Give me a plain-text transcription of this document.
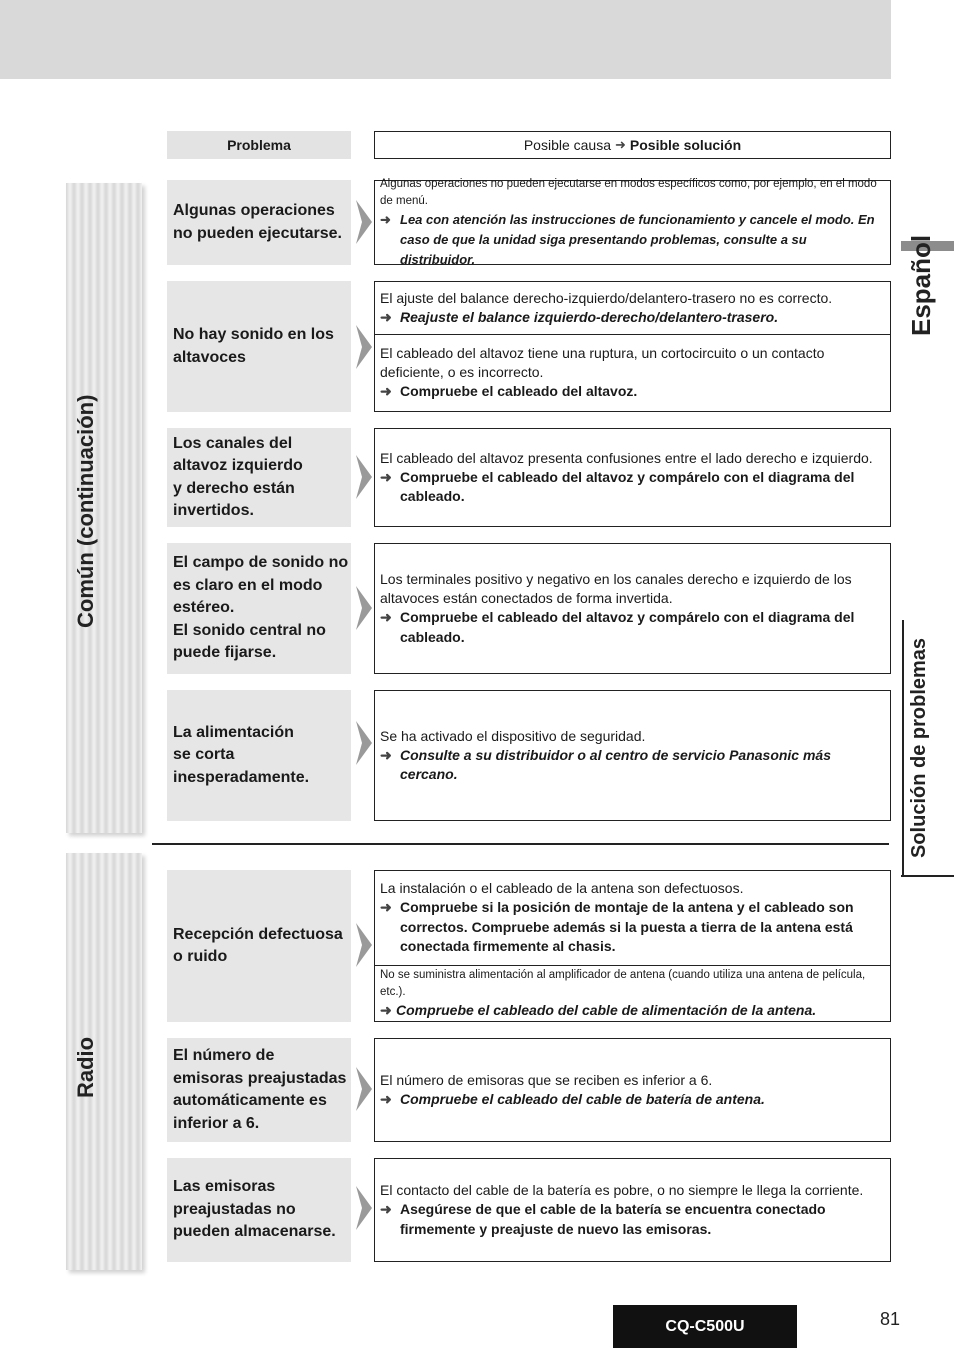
Problema	Posible causa ➜ Posible solución
Común (continuación)
Radio
Algunas operaciones
no pueden ejecutarse.
Algunas operaciones no pueden ejecutarse en modos específicos como, por ejemplo, en el modo de menú.
➜ Lea con atención las instrucciones de funcionamiento y cancele el modo. En caso de que la unidad siga presentando problemas, consulte a su distribuidor.
No hay sonido en los
altavoces
El ajuste del balance derecho-izquierdo/delantero-trasero no es correcto.
➜ Reajuste el balance izquierdo-derecho/delantero-trasero.
El cableado del altavoz tiene una ruptura, un cortocircuito o un contacto deficiente, o es incorrecto.
➜ Compruebe el cableado del altavoz.
Los canales del
altavoz izquierdo
y derecho están
invertidos.
El cableado del altavoz presenta confusiones entre el lado derecho e izquierdo.
➜ Compruebe el cableado del altavoz y compárelo con el diagrama del cableado.
El campo de sonido no
es claro en el modo
estéreo.
El sonido central no
puede fijarse.
Los terminales positivo y negativo en los canales derecho e izquierdo de los altavoces están conectados de forma invertida.
➜ Compruebe el cableado del altavoz y compárelo con el diagrama del cableado.
La alimentación
se corta
inesperadamente.
Se ha activado el dispositivo de seguridad.
➜ Consulte a su distribuidor o al centro de servicio Panasonic más cercano.
Recepción defectuosa
o ruido
La instalación o el cableado de la antena son defectuosos.
➜ Compruebe si la posición de montaje de la antena y el cableado son correctos. Compruebe además si la puesta a tierra de la antena está conectada firmemente al chasis.
No se suministra alimentación al amplificador de antena (cuando utiliza una antena de película, etc.).
➜ Compruebe el cableado del cable de alimentación de la antena.
El número de
emisoras preajustadas
automáticamente es
inferior a 6.
El número de emisoras que se reciben es inferior a 6.
➜ Compruebe el cableado del cable de batería de antena.
Las emisoras
preajustadas no
pueden almacenarse.
El contacto del cable de la batería es pobre, o no siempre le llega la corriente.
➜ Asegúrese de que el cable de la batería se encuentra conectado firmemente y preajuste de nuevo las emisoras.
Español
Solución de problemas
CQ-C500U	81
